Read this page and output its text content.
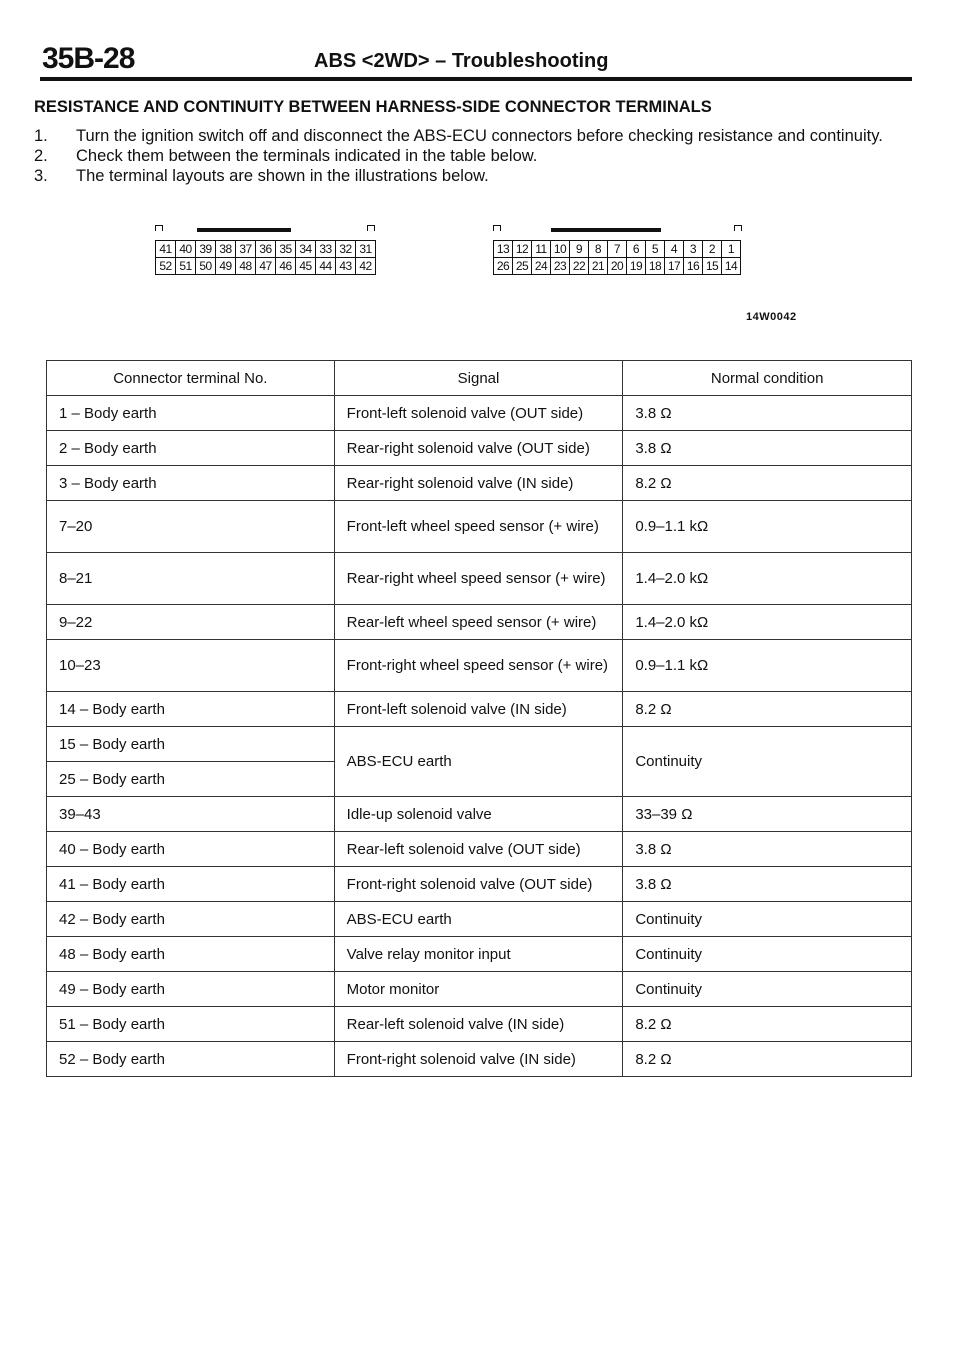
35B-28	ABS <2WD> – Troubleshooting
RESISTANCE AND CONTINUITY BETWEEN HARNESS-SIDE CONNECTOR TERMINALS
1. Turn the ignition switch off and disconnect the ABS-ECU connectors before checking resistance and continuity.
2. Check them between the terminals indicated in the table below.
3. The terminal layouts are shown in the illustrations below.
41 40 39 38 37 36 35 34 33 32 31
52 51 50 49 48 47 46 45 44 43 42
13 12 11 10 9	8	7	6	5	4	3	2	1
26 25 24 23 22 21 20 19 18 17 16 15 14
14W0042
Connector terminal No.	Signal	Normal condition
1 – Body earth	Front-left solenoid valve (OUT side)	3.8 Ω
2 – Body earth	Rear-right solenoid valve (OUT side)	3.8 Ω
3 – Body earth	Rear-right solenoid valve (IN side)	8.2 Ω
7–20	Front-left wheel speed sensor (+ wire)	0.9–1.1 kΩ
8–21	Rear-right wheel speed sensor (+ wire)	1.4–2.0 kΩ
9–22	Rear-left wheel speed sensor (+ wire)	1.4–2.0 kΩ
10–23	Front-right wheel speed sensor (+ wire)	0.9–1.1 kΩ
14 – Body earth	Front-left solenoid valve (IN side)	8.2 Ω
15 – Body earth	ABS-ECU earth	Continuity
25 – Body earth		
39–43	Idle-up solenoid valve	33–39 Ω
40 – Body earth	Rear-left solenoid valve (OUT side)	3.8 Ω
41 – Body earth	Front-right solenoid valve (OUT side)	3.8 Ω
42 – Body earth	ABS-ECU earth	Continuity
48 – Body earth	Valve relay monitor input	Continuity
49 – Body earth	Motor monitor	Continuity
51 – Body earth	Rear-left solenoid valve (IN side)	8.2 Ω
52 – Body earth	Front-right solenoid valve (IN side)	8.2 Ω
